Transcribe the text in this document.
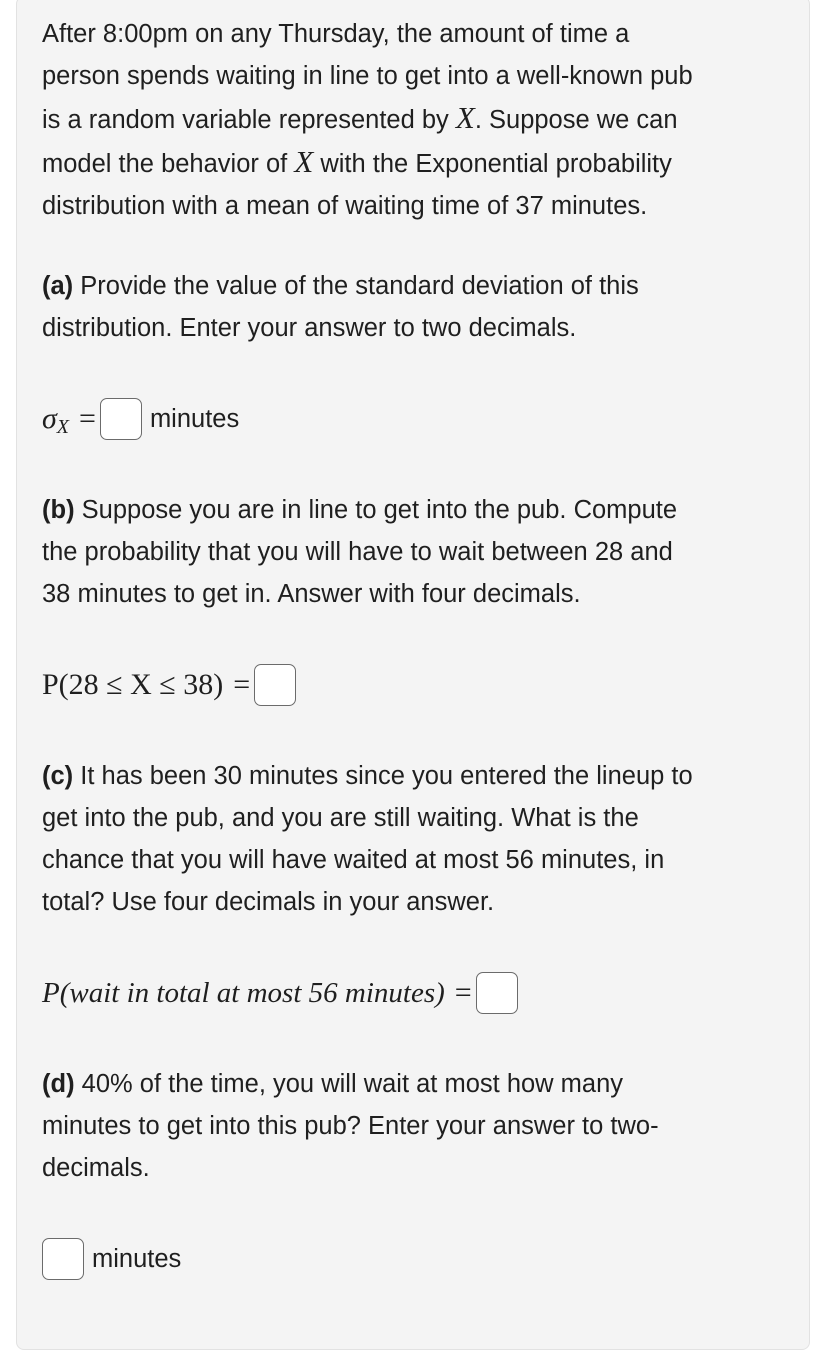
After 8:00pm on any Thursday, the amount of time a
person spends waiting in line to get into a well-known pub
is a random variable represented by X. Suppose we can
model the behavior of X with the Exponential probability
distribution with a mean of waiting time of 37 minutes.

(a) Provide the value of the standard deviation of this
distribution. Enter your answer to two decimals.

σ X = minutes

(b) Suppose you are in line to get into the pub. Compute
the probability that you will have to wait between 28 and
38 minutes to get in. Answer with four decimals.

P(28 ≤ X ≤ 38) =

(c) It has been 30 minutes since you entered the lineup to
get into the pub, and you are still waiting. What is the
chance that you will have waited at most 56 minutes, in
total? Use four decimals in your answer.

P(wait in total at most 56 minutes) =

(d) 40% of the time, you will wait at most how many
minutes to get into this pub? Enter your answer to two-
decimals.

minutes
